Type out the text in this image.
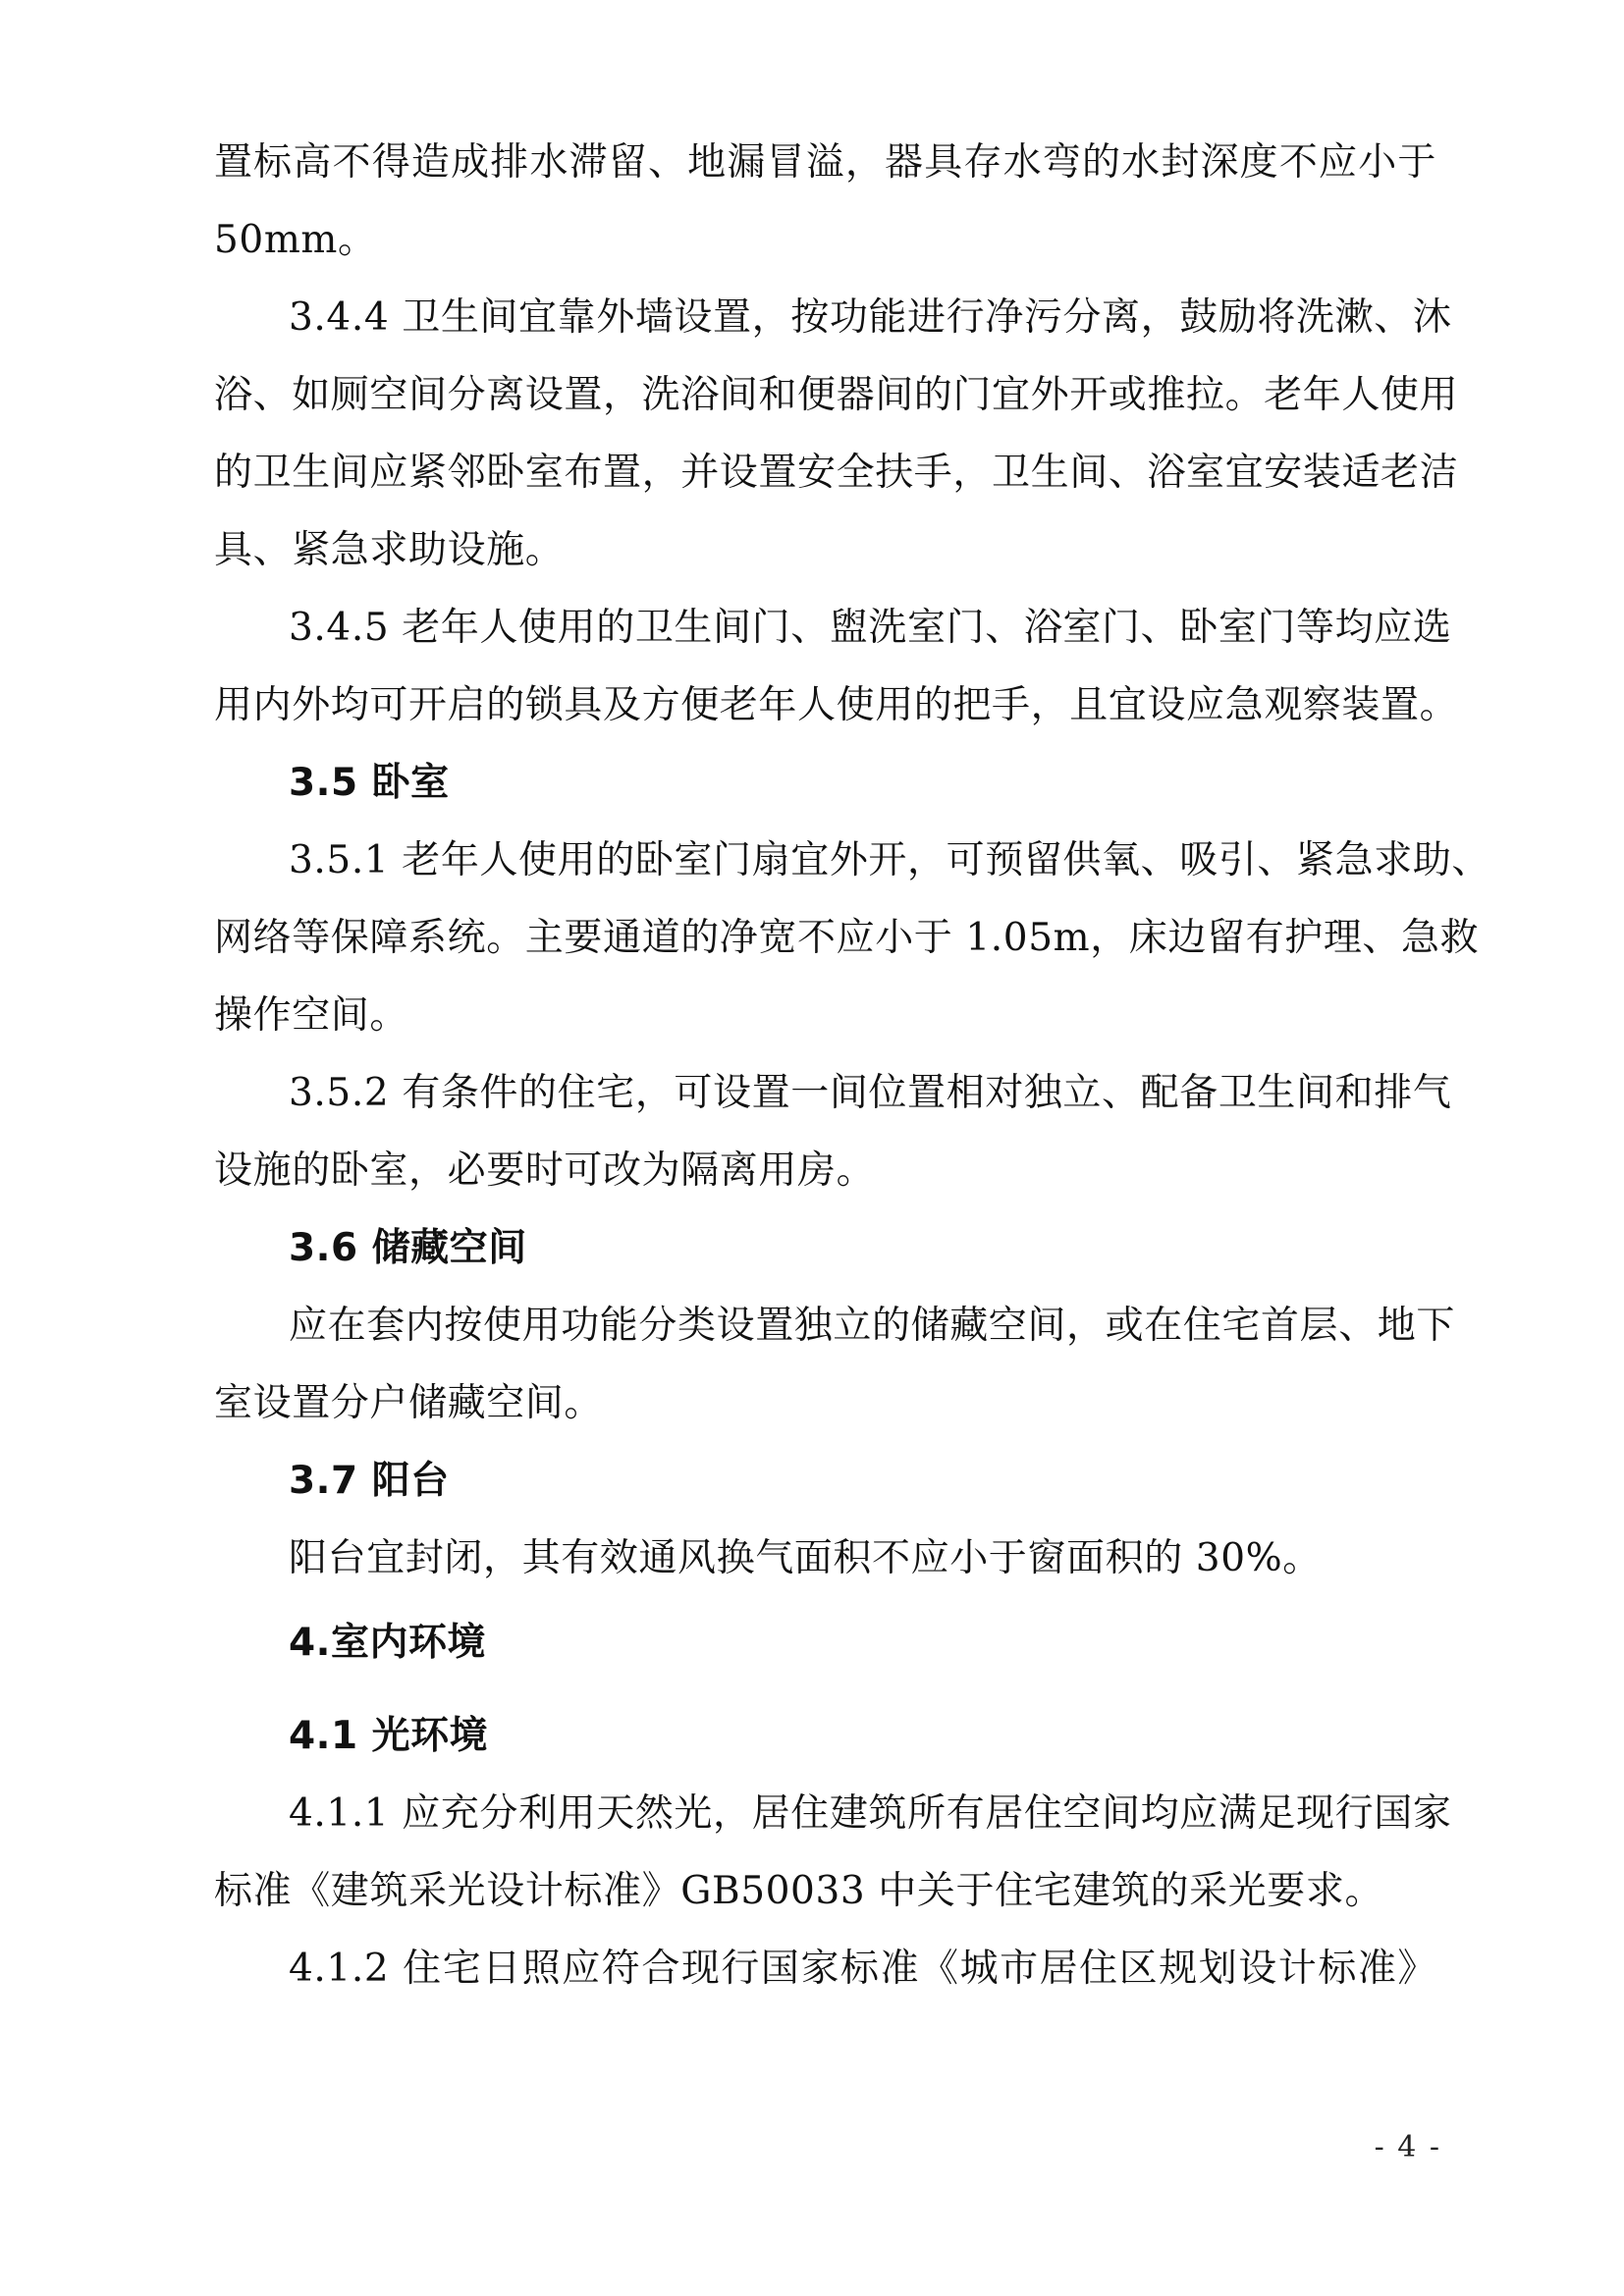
置标高不得造成排水滞留、地漏冒溢，器具存水弯的水封深度不应小于
50mm。
3.4.4 卫生间宜靠外墙设置，按功能进行净污分离，鼓励将洗漱、沐
浴、如厕空间分离设置，洗浴间和便器间的门宜外开或推拉。老年人使用
的卫生间应紧邻卧室布置，并设置安全扶手，卫生间、浴室宜安装适老洁
具、紧急求助设施。
3.4.5 老年人使用的卫生间门、盥洗室门、浴室门、卧室门等均应选
用内外均可开启的锁具及方便老年人使用的把手，且宜设应急观察装置。
3.5 卧室
3.5.1 老年人使用的卧室门扇宜外开，可预留供氧、吸引、紧急求助、
网络等保障系统。主要通道的净宽不应小于 1.05m，床边留有护理、急救
操作空间。
3.5.2 有条件的住宅，可设置一间位置相对独立、配备卫生间和排气
设施的卧室，必要时可改为隔离用房。
3.6 储藏空间
应在套内按使用功能分类设置独立的储藏空间，或在住宅首层、地下
室设置分户储藏空间。
3.7 阳台
阳台宜封闭，其有效通风换气面积不应小于窗面积的 30%。
4.室内环境
4.1 光环境
4.1.1 应充分利用天然光，居住建筑所有居住空间均应满足现行国家
标准《建筑采光设计标准》GB50033 中关于住宅建筑的采光要求。
4.1.2 住宅日照应符合现行国家标准《城市居住区规划设计标准》
- 4 -
